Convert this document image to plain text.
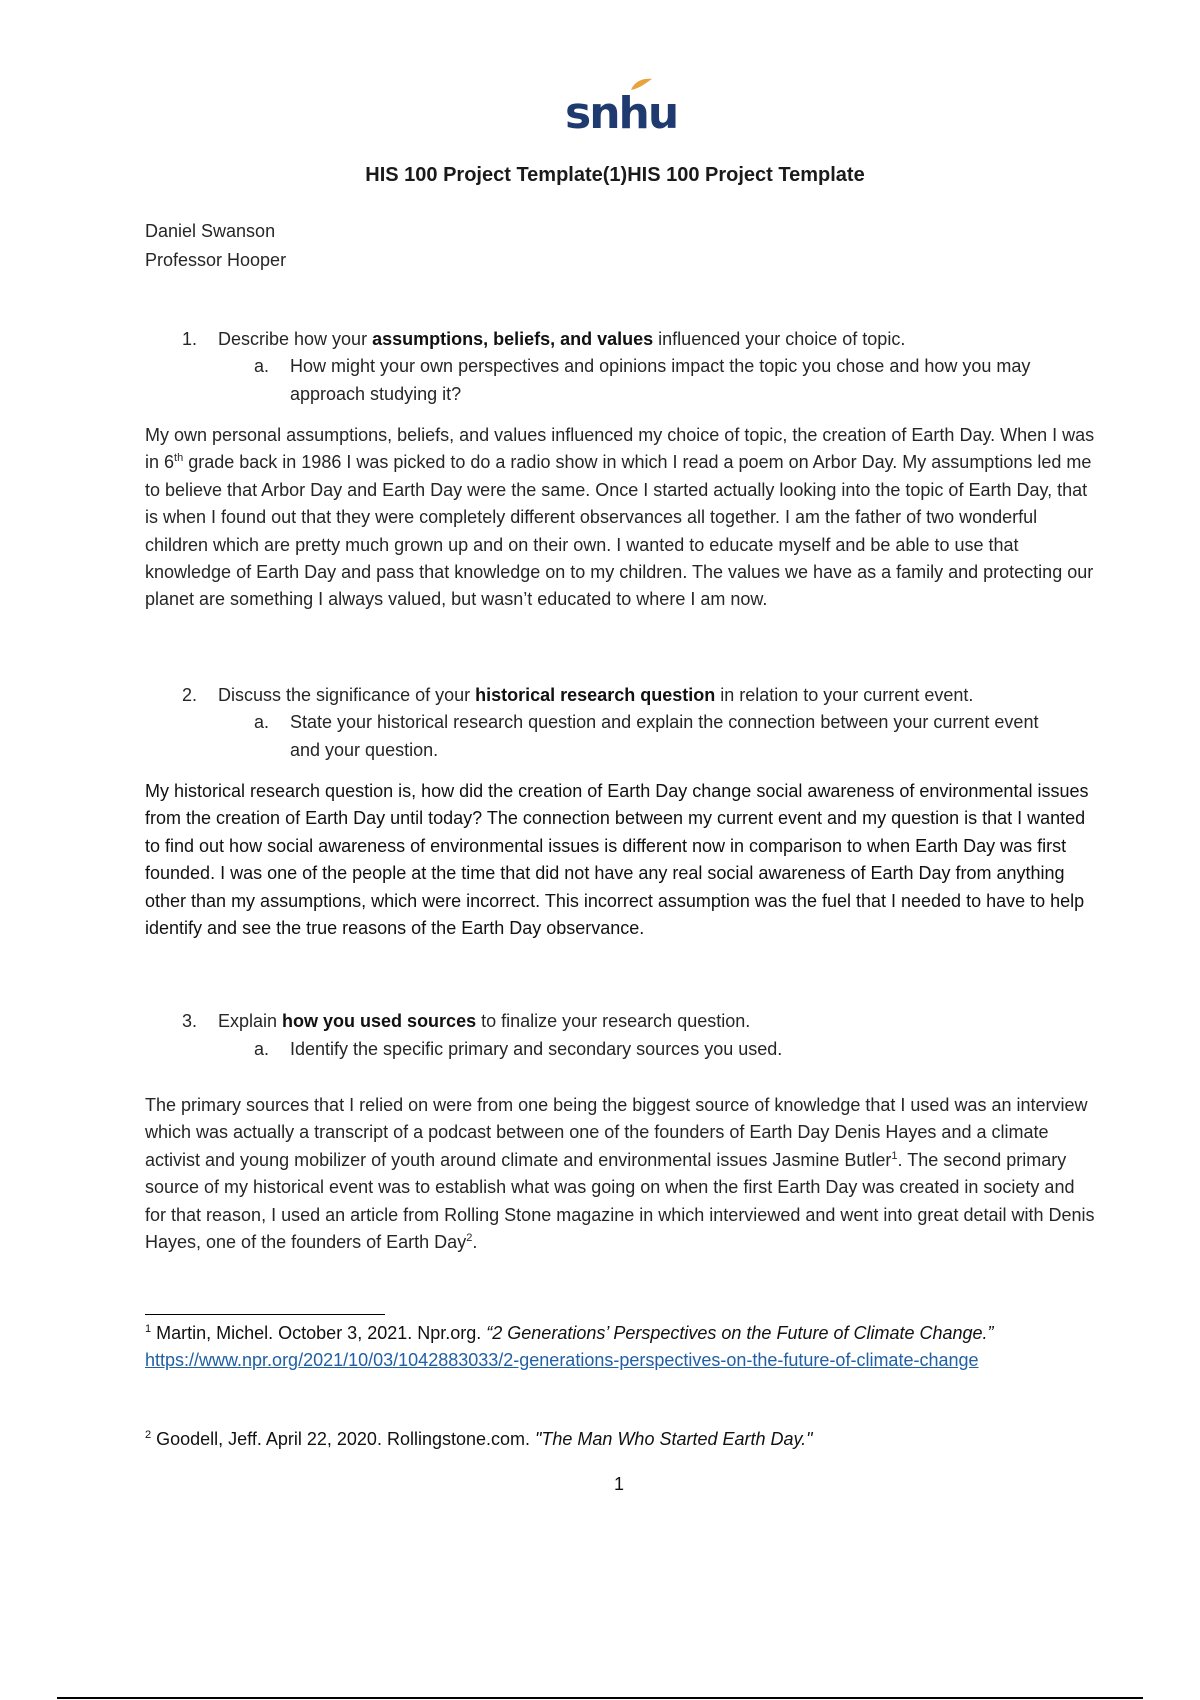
snhu
HIS 100 Project Template(1)HIS 100 Project Template
Daniel Swanson
Professor Hooper
1. Describe how your assumptions, beliefs, and values influenced your choice of topic.
a. How might your own perspectives and opinions impact the topic you chose and how you may approach studying it?

My own personal assumptions, beliefs, and values influenced my choice of topic, the creation of Earth Day. When I was in 6th grade back in 1986 I was picked to do a radio show in which I read a poem on Arbor Day. My assumptions led me to believe that Arbor Day and Earth Day were the same. Once I started actually looking into the topic of Earth Day, that is when I found out that they were completely different observances all together. I am the father of two wonderful children which are pretty much grown up and on their own. I wanted to educate myself and be able to use that knowledge of Earth Day and pass that knowledge on to my children. The values we have as a family and protecting our planet are something I always valued, but wasn’t educated to where I am now.

2. Discuss the significance of your historical research question in relation to your current event.
a. State your historical research question and explain the connection between your current event and your question.

My historical research question is, how did the creation of Earth Day change social awareness of environmental issues from the creation of Earth Day until today? The connection between my current event and my question is that I wanted to find out how social awareness of environmental issues is different now in comparison to when Earth Day was first founded. I was one of the people at the time that did not have any real social awareness of Earth Day from anything other than my assumptions, which were incorrect. This incorrect assumption was the fuel that I needed to have to help identify and see the true reasons of the Earth Day observance.

3. Explain how you used sources to finalize your research question.
a. Identify the specific primary and secondary sources you used.

The primary sources that I relied on were from one being the biggest source of knowledge that I used was an interview which was actually a transcript of a podcast between one of the founders of Earth Day Denis Hayes and a climate activist and young mobilizer of youth around climate and environmental issues Jasmine Butler$^1$. The second primary source of my historical event was to establish what was going on when the first Earth Day was created in society and for that reason, I used an article from Rolling Stone magazine in which interviewed and went into great detail with Denis Hayes, one of the founders of Earth Day$^2$.

$^1$ Martin, Michel. October 3, 2021. Npr.org. “2 Generations’ Perspectives on the Future of Climate Change.” https://www.npr.org/2021/10/03/1042883033/2-generations-perspectives-on-the-future-of-climate-change
$^2$ Goodell, Jeff. April 22, 2020. Rollingstone.com. "The Man Who Started Earth Day."
1
